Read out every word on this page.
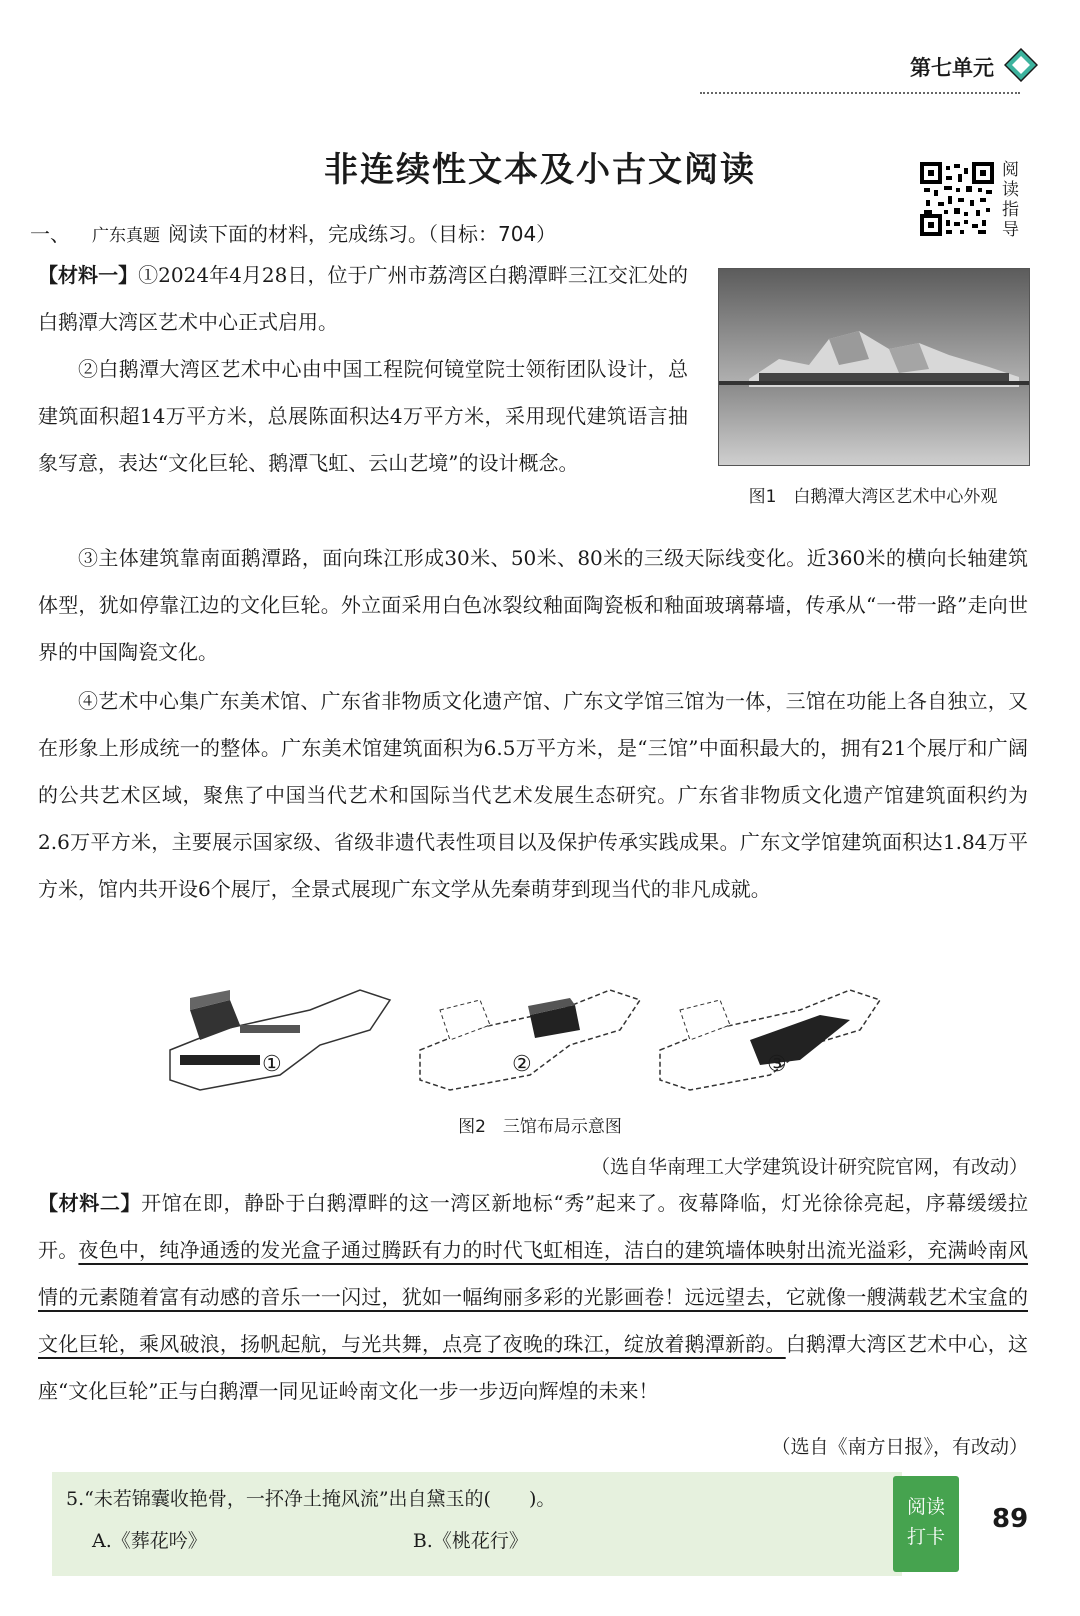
第七单元
非连续性文本及小古文阅读	阅
读
指
导
一、 广东真题 阅读下面的材料，完成练习。（目标：704）

【材料一】①2024年4月28日，位于广州市荔湾区白鹅潭畔三江交汇处的白鹅潭大湾区艺术中心正式启用。
②白鹅潭大湾区艺术中心由中国工程院何镜堂院士领衔团队设计，总建筑面积超14万平方米，总展陈面积达4万平方米，采用现代建筑语言抽象写意，表达“文化巨轮、鹅潭飞虹、云山艺境”的设计概念。

图1　白鹅潭大湾区艺术中心外观

③主体建筑靠南面鹅潭路，面向珠江形成30米、50米、80米的三级天际线变化。近360米的横向长轴建筑体型，犹如停靠江边的文化巨轮。外立面采用白色冰裂纹釉面陶瓷板和釉面玻璃幕墙，传承从“一带一路”走向世界的中国陶瓷文化。

④艺术中心集广东美术馆、广东省非物质文化遗产馆、广东文学馆三馆为一体，三馆在功能上各自独立，又在形象上形成统一的整体。广东美术馆建筑面积为6.5万平方米，是“三馆”中面积最大的，拥有21个展厅和广阔的公共艺术区域，聚焦了中国当代艺术和国际当代艺术发展生态研究。广东省非物质文化遗产馆建筑面积约为2.6万平方米，主要展示国家级、省级非遗代表性项目以及保护传承实践成果。广东文学馆建筑面积达1.84万平方米，馆内共开设6个展厅，全景式展现广东文学从先秦萌芽到现当代的非凡成就。

①	②	③
图2　三馆布局示意图
（选自华南理工大学建筑设计研究院官网，有改动）

【材料二】开馆在即，静卧于白鹅潭畔的这一湾区新地标“秀”起来了。夜幕降临，灯光徐徐亮起，序幕缓缓拉开。夜色中，纯净通透的发光盒子通过腾跃有力的时代飞虹相连，洁白的建筑墙体映射出流光溢彩，充满岭南风情的元素随着富有动感的音乐一一闪过，犹如一幅绚丽多彩的光影画卷！远远望去，它就像一艘满载艺术宝盒的文化巨轮，乘风破浪，扬帆起航，与光共舞，点亮了夜晚的珠江，绽放着鹅潭新韵。白鹅潭大湾区艺术中心，这座“文化巨轮”正与白鹅潭一同见证岭南文化一步一步迈向辉煌的未来！

（选自《南方日报》，有改动）
5.“未若锦囊收艳骨，一抔净土掩风流”出自黛玉的(　　)。
A.《葬花吟》	B.《桃花行》
阅读
打卡
89
